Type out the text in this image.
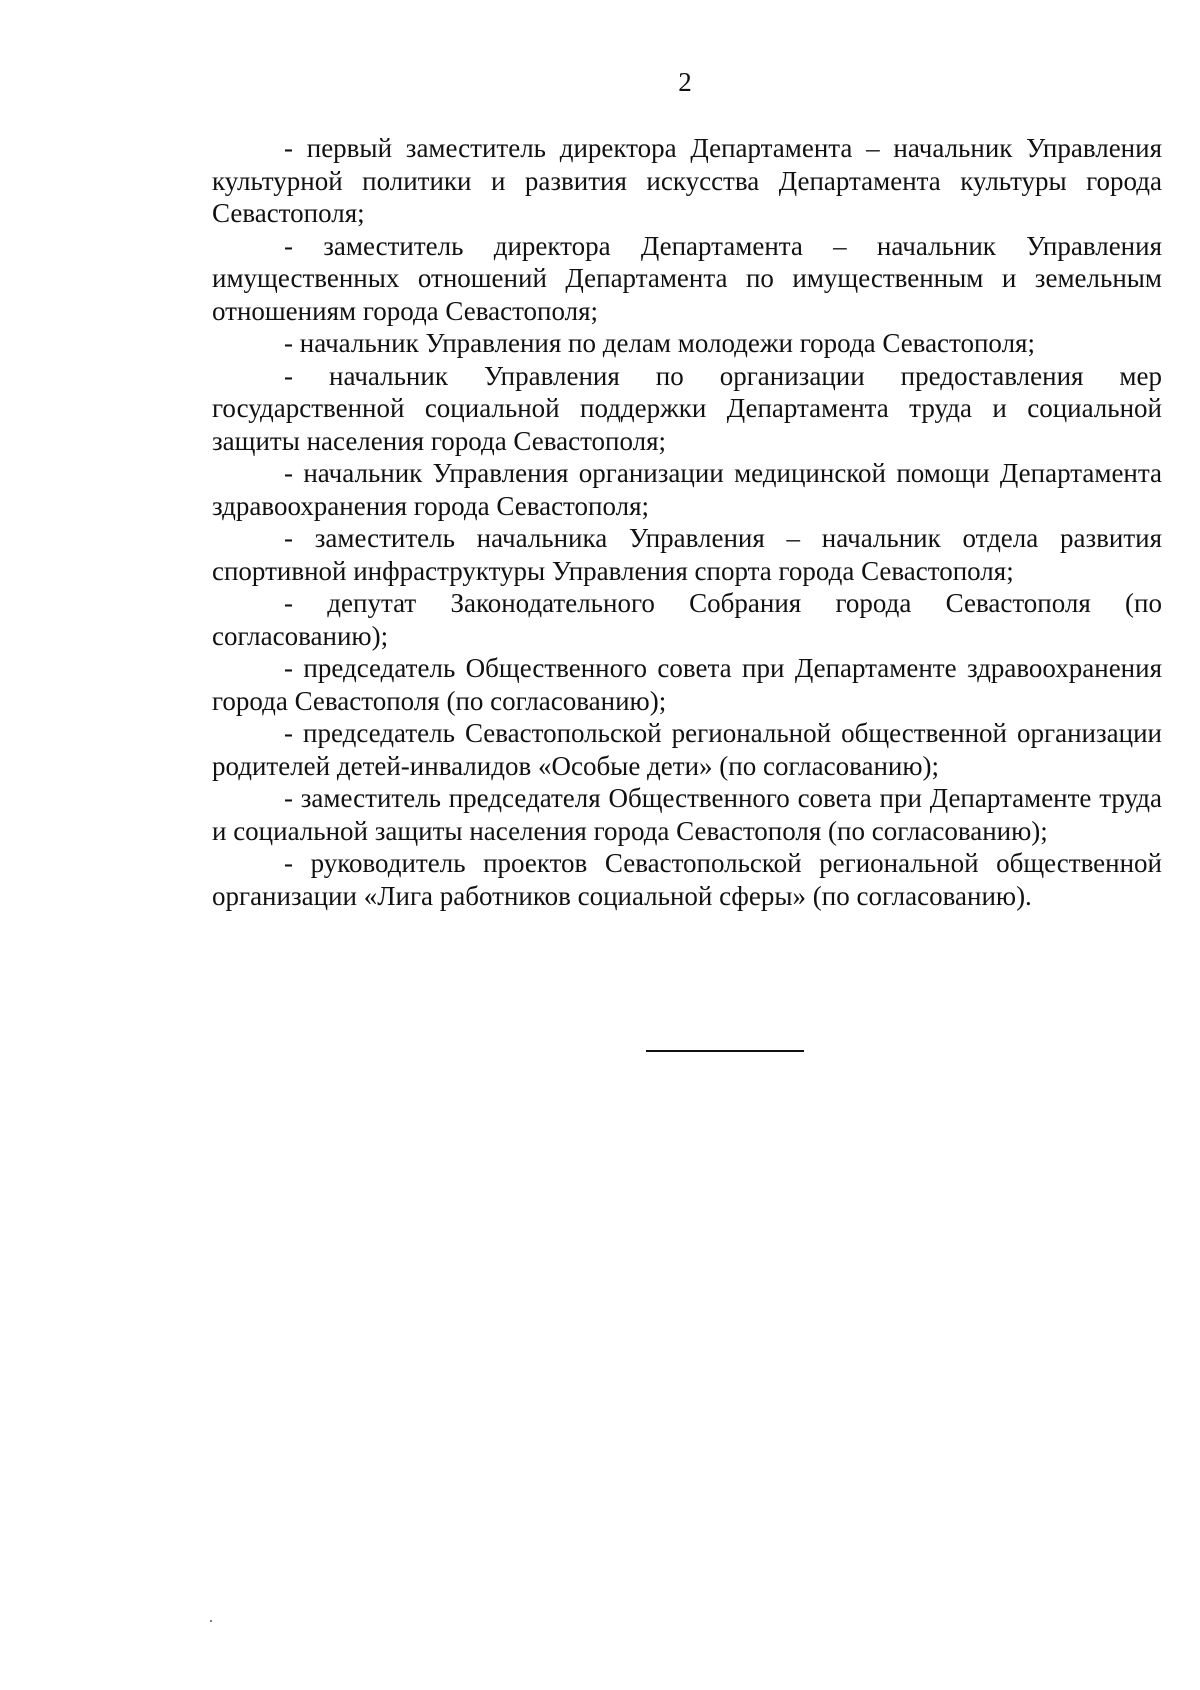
2

- первый заместитель директора Департамента – начальник Управления культурной политики и развития искусства Департамента культуры города Севастополя;

- заместитель директора Департамента – начальник Управления имущественных отношений Департамента по имущественным и земельным отношениям города Севастополя;

- начальник Управления по делам молодежи города Севастополя;

- начальник Управления по организации предоставления мер государственной социальной поддержки Департамента труда и социальной защиты населения города Севастополя;

- начальник Управления организации медицинской помощи Департамента здравоохранения города Севастополя;

- заместитель начальника Управления – начальник отдела развития спортивной инфраструктуры Управления спорта города Севастополя;

- депутат Законодательного Собрания города Севастополя (по согласованию);

- председатель Общественного совета при Департаменте здравоохранения города Севастополя (по согласованию);

- председатель Севастопольской региональной общественной организации родителей детей-инвалидов «Особые дети» (по согласованию);

- заместитель председателя Общественного совета при Департаменте труда и социальной защиты населения города Севастополя (по согласованию);

- руководитель проектов Севастопольской региональной общественной организации «Лига работников социальной сферы» (по согласованию).
